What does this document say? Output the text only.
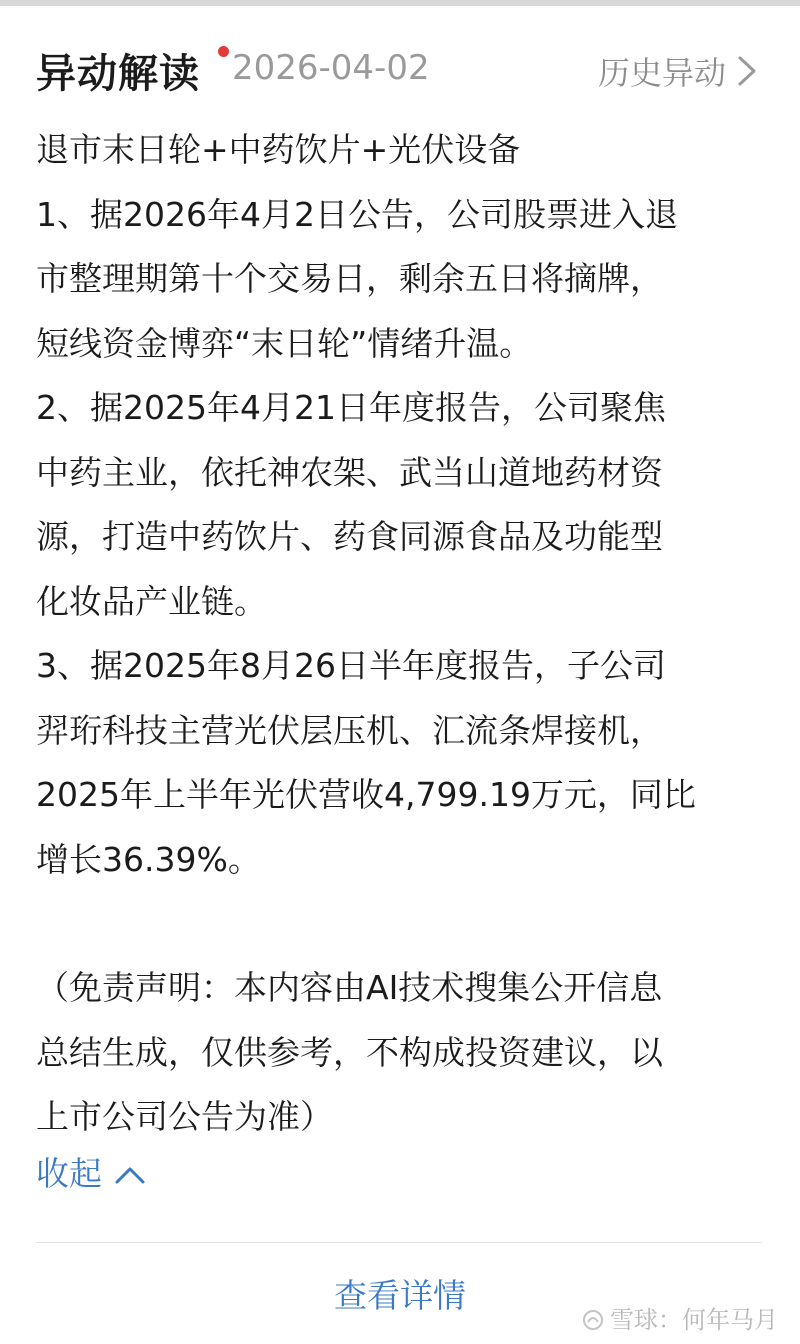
异动解读 2026-04-02	历史异动

退市末日轮+中药饮片+光伏设备

1、据2026年4月2日公告，公司股票进入退
市整理期第十个交易日，剩余五日将摘牌，
短线资金博弈“末日轮”情绪升温。

2、据2025年4月21日年度报告，公司聚焦
中药主业，依托神农架、武当山道地药材资
源，打造中药饮片、药食同源食品及功能型
化妆品产业链。

3、据2025年8月26日半年度报告，子公司
羿珩科技主营光伏层压机、汇流条焊接机，
2025年上半年光伏营收4,799.19万元，同比
增长36.39%。

（免责声明：本内容由AI技术搜集公开信息
总结生成，仅供参考，不构成投资建议，以
上市公司公告为准）

收起
查看详情
雪球：何年马月
